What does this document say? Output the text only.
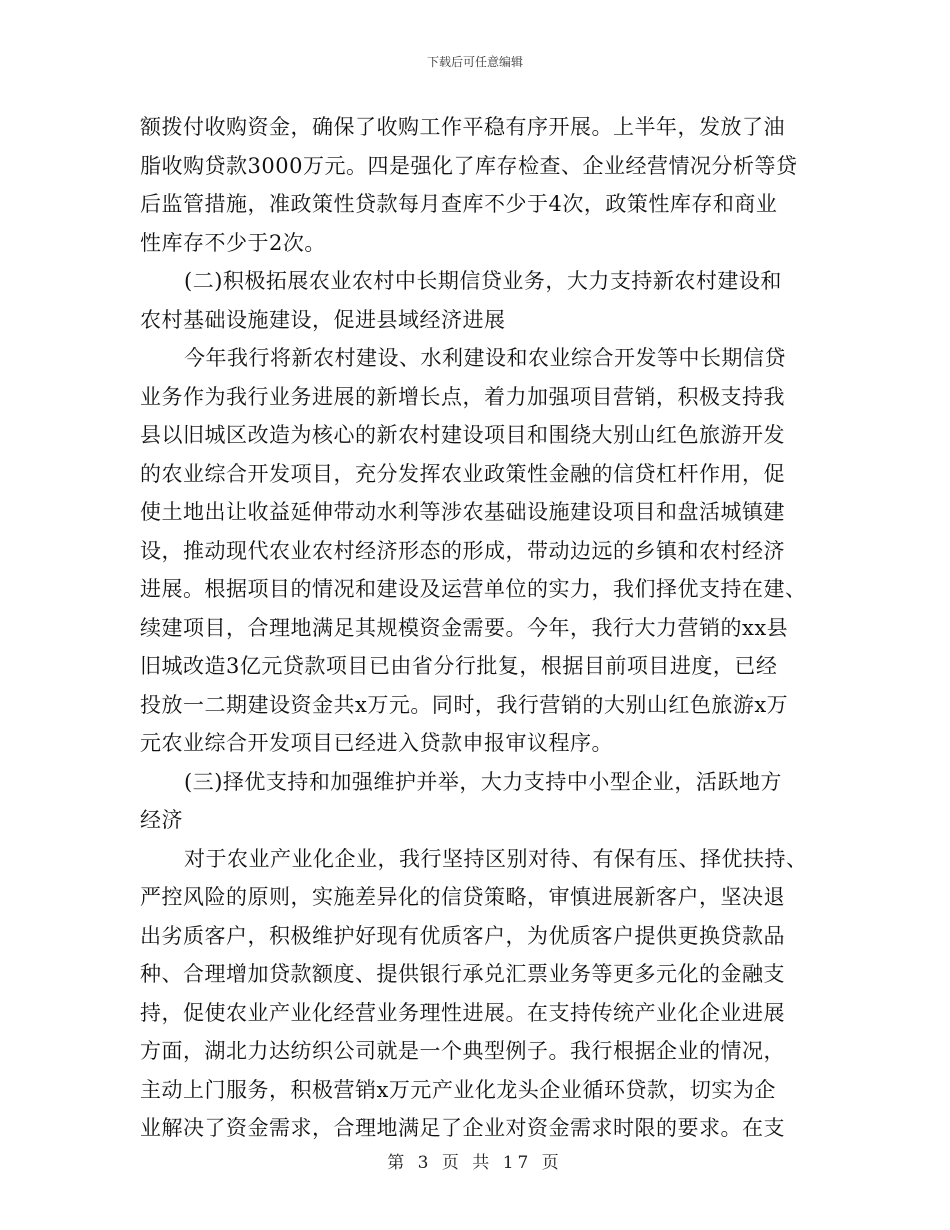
下载后可任意编辑
额拨付收购资金，确保了收购工作平稳有序开展。上半年，发放了油
脂收购贷款3000万元。四是强化了库存检查、企业经营情况分析等贷
后监管措施，准政策性贷款每月查库不少于4次，政策性库存和商业
性库存不少于2次。
(二)积极拓展农业农村中长期信贷业务，大力支持新农村建设和
农村基础设施建设，促进县域经济进展
今年我行将新农村建设、水利建设和农业综合开发等中长期信贷
业务作为我行业务进展的新增长点，着力加强项目营销，积极支持我
县以旧城区改造为核心的新农村建设项目和围绕大别山红色旅游开发
的农业综合开发项目，充分发挥农业政策性金融的信贷杠杆作用，促
使土地出让收益延伸带动水利等涉农基础设施建设项目和盘活城镇建
设，推动现代农业农村经济形态的形成，带动边远的乡镇和农村经济
进展。根据项目的情况和建设及运营单位的实力，我们择优支持在建、
续建项目，合理地满足其规模资金需要。今年，我行大力营销的xx县
旧城改造3亿元贷款项目已由省分行批复，根据目前项目进度，已经
投放一二期建设资金共x万元。同时，我行营销的大别山红色旅游x万
元农业综合开发项目已经进入贷款申报审议程序。
(三)择优支持和加强维护并举，大力支持中小型企业，活跃地方
经济
对于农业产业化企业，我行坚持区别对待、有保有压、择优扶持、
严控风险的原则，实施差异化的信贷策略，审慎进展新客户，坚决退
出劣质客户，积极维护好现有优质客户，为优质客户提供更换贷款品
种、合理增加贷款额度、提供银行承兑汇票业务等更多元化的金融支
持，促使农业产业化经营业务理性进展。在支持传统产业化企业进展
方面，湖北力达纺织公司就是一个典型例子。我行根据企业的情况，
主动上门服务，积极营销x万元产业化龙头企业循环贷款，切实为企
业解决了资金需求，合理地满足了企业对资金需求时限的要求。在支
第 3 页 共 17 页
